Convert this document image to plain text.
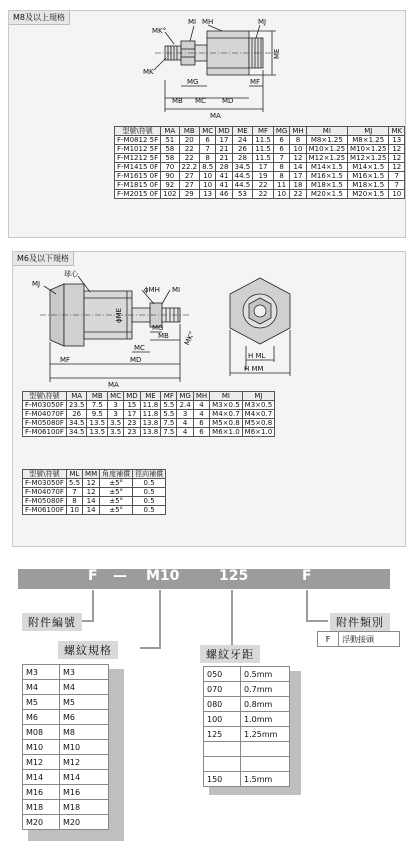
M8及以上規格
MK°
MI MH	MJ
MK
ME
MG	MF
MB MC MD
MA
型號\符號	MA	MB	MC	MD	ME	MF	MG	MH	MI	MJ	MK
F-M0812 5F	51	20	6	17	24	11.5	6	8	M8×1.25	M8×1.25	13
F-M1012 5F	58	22	7	21	26	11.5	6	10	M10×1.25	M10×1.25	12
F-M1212 5F	58	22	8	21	28	11.5	7	12	M12×1.25	M12×1.25	12
F-M1415 0F	70	22.2	8.5	28	34.5	17	8	14	M14×1.5	M14×1.5	12
F-M1615 0F	90	27	10	41	44.5	19	8	17	M16×1.5	M16×1.5	7
F-M1815 0F	92	27	10	41	44.5	22	11	18	M18×1.5	M18×1.5	7
F-M2015 0F	102	29	13	46	53	22	10	22	M20×1.5	M20×1.5	10
M6及以下規格
MJ
球心
ϕME
ϕMH MI
MG
MK°
MC
MB
MF	MD
MA
H ML
H MM
型號\符號	MA	MB	MC	MD	ME	MF	MG	MH	MI	MJ
F-M03050F	23.5	7.5	3	15	11.8	5.5	2.4	4	M3×0.5	M3×0.5
F-M04070F	26	9.5	3	17	11.8	5.5	3	4	M4×0.7	M4×0.7
F-M05080F	34.5	13.5	3.5	23	13.8	7.5	4	6	M5×0.8	M5×0.8
F-M06100F	34.5	13.5	3.5	23	13.8	7.5	4	6	M6×1.0	M6×1.0
型號\符號	ML	MM	角度補償	徑向補償
F-M03050F	5.5	12	±5°	0.5
F-M04070F	7	12	±5°	0.5
F-M05080F	8	14	±5°	0.5
F-M06100F	10	14	±5°	0.5
F — M10	125	F
附件編號	附件類別
F	浮動接頭
螺紋規格
M3	M3
M4	M4
M5	M5
M6	M6
M08	M8
M10	M10
M12	M12
M14	M14
M16	M16
M18	M18
M20	M20
螺紋牙距
050	0.5mm
070	0.7mm
080	0.8mm
100	1.0mm
125	1.25mm

150	1.5mm
